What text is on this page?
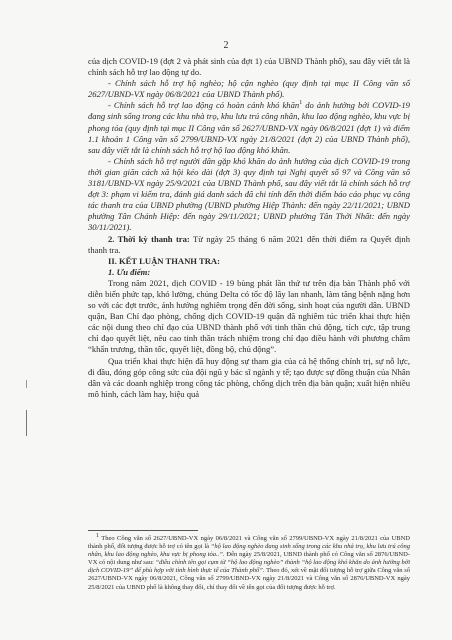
2

của dịch COVID-19 (đợt 2 và phát sinh của đợt 1) của UBND Thành phố), sau đây viết tắt là chính sách hỗ trợ lao động tự do.

- Chính sách hỗ trợ hộ nghèo; hộ cận nghèo (quy định tại mục II Công văn số 2627/UBND-VX ngày 06/8/2021 của UBND Thành phố).

- Chính sách hỗ trợ lao động có hoàn cảnh khó khăn$^1$ do ảnh hưởng bởi COVID-19 đang sinh sống trong các khu nhà trọ, khu lưu trú công nhân, khu lao động nghèo, khu vực bị phong tỏa (quy định tại mục II Công văn số 2627/UBND-VX ngày 06/8/2021 (đợt 1) và điểm 1.1 khoản 1 Công văn số 2799/UBND-VX ngày 21/8/2021 (đợt 2) của UBND Thành phố), sau đây viết tắt là chính sách hỗ trợ hộ lao động khó khăn.

- Chính sách hỗ trợ người dân gặp khó khăn do ảnh hưởng của dịch COVID-19 trong thời gian giãn cách xã hội kéo dài (đợt 3) quy định tại Nghị quyết số 97 và Công văn số 3181/UBND-VX ngày 25/9/2021 của UBND Thành phố, sau đây viết tắt là chính sách hỗ trợ đợt 3: phạm vi kiểm tra, đánh giá danh sách đã chi tính đến thời điểm báo cáo phục vụ công tác thanh tra của UBND phường (UBND phường Hiệp Thành: đến ngày 22/11/2021; UBND phường Tân Chánh Hiệp: đến ngày 29/11/2021; UBND phường Tân Thới Nhất: đến ngày 30/11/2021).

2. Thời kỳ thanh tra: Từ ngày 25 tháng 6 năm 2021 đến thời điểm ra Quyết định thanh tra.

II. KẾT LUẬN THANH TRA:

1. Ưu điểm:

Trong năm 2021, dịch COVID - 19 bùng phát lần thứ tư trên địa bàn Thành phố với diễn biến phức tạp, khó lường, chủng Delta có tốc độ lây lan nhanh, làm tăng bệnh nặng hơn so với các đợt trước, ảnh hưởng nghiêm trọng đến đời sống, sinh hoạt của người dân. UBND quận, Ban Chỉ đạo phòng, chống dịch COVID-19 quận đã nghiêm túc triển khai thực hiện các nội dung theo chỉ đạo của UBND thành phố với tinh thần chủ động, tích cực, tập trung chỉ đạo quyết liệt, nêu cao tinh thần trách nhiệm trong chỉ đạo điều hành với phương châm “khẩn trương, thần tốc, quyết liệt, đồng bộ, chủ động”.

Qua triển khai thực hiện đã huy động sự tham gia của cả hệ thống chính trị, sự nỗ lực, đi đầu, đóng góp công sức của đội ngũ y bác sĩ ngành y tế; tạo được sự đồng thuận của Nhân dân và các doanh nghiệp trong công tác phòng, chống dịch trên địa bàn quận; xuất hiện nhiều mô hình, cách làm hay, hiệu quả

$^1$ Theo Công văn số 2627/UBND-VX ngày 06/8/2021 và Công văn số 2799/UBND-VX ngày 21/8/2021 của UBND thành phố, đối tượng được hỗ trợ có tên gọi là “hộ lao động nghèo đang sinh sống trong các khu nhà trọ, khu lưu trú công nhân, khu lao động nghèo, khu vực bị phong tỏa..”. Đến ngày 25/8/2021, UBND thành phố có Công văn số 2876/UBND-VX có nội dung như sau: “điều chỉnh tên gọi cụm từ “hộ lao động nghèo” thành “hộ lao động khó khăn do ảnh hưởng bởi dịch COVID-19” để phù hợp với tình hình thực tế của Thành phố”. Theo đó, xét về mặt đối tượng hỗ trợ giữa Công văn số 2627/UBND-VX ngày 06/8/2021, Công văn số 2799/UBND-VX ngày 21/8/2021 và Công văn số 2876/UBND-VX ngày 25/8/2021 của UBND phố là không thay đổi, chỉ thay đổi về tên gọi của đối tượng được hỗ trợ.
